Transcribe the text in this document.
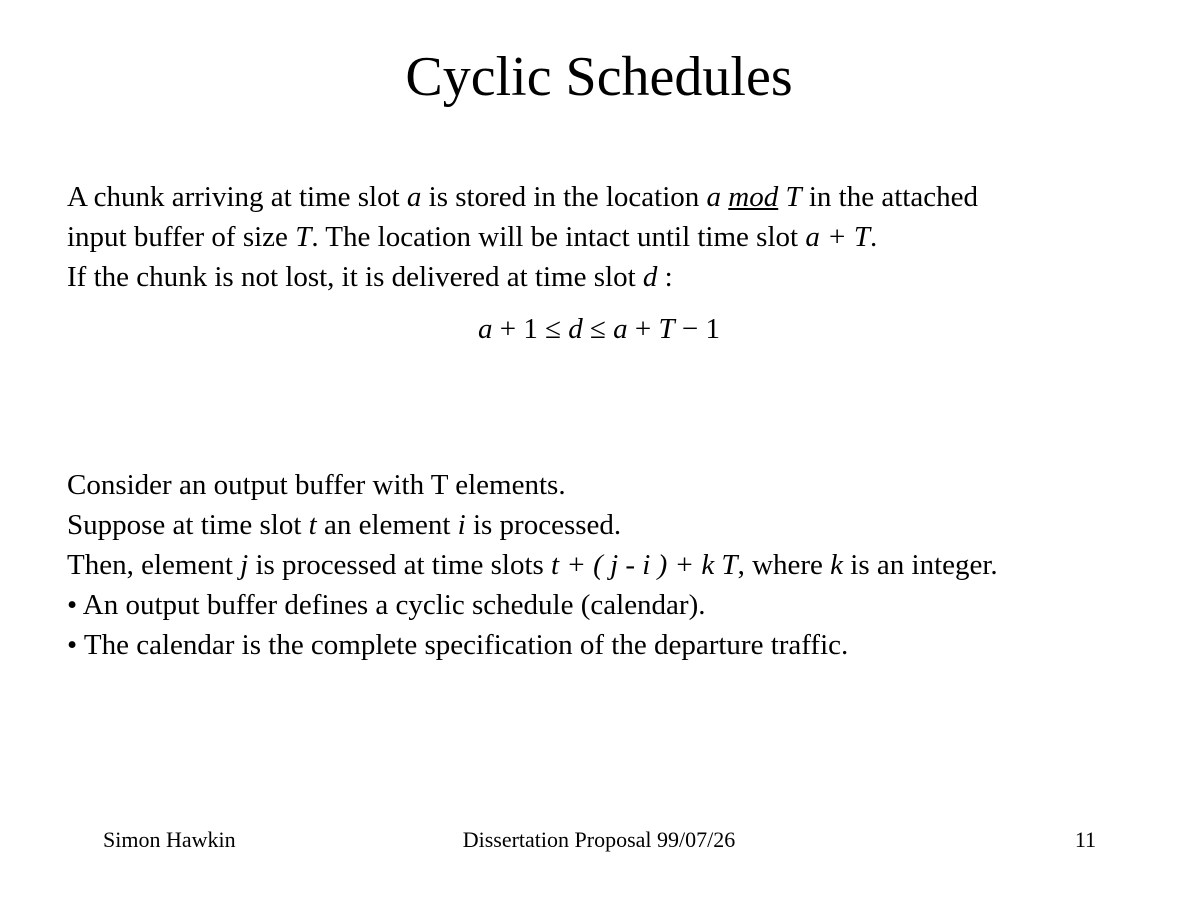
Cyclic Schedules
A chunk arriving at time slot a is stored in the location a mod T in the attached
input buffer of size T. The location will be intact until time slot a + T.
If the chunk is not lost, it is delivered at time slot d :
a + 1 ≤ d ≤ a + T − 1
Consider an output buffer with T elements.
Suppose at time slot t an element i is processed.
Then, element j is processed at time slots t + ( j - i ) + k T, where k is an integer.
• An output buffer defines a cyclic schedule (calendar).
• The calendar is the complete specification of the departure traffic.
Simon Hawkin	Dissertation Proposal 99/07/26	11
